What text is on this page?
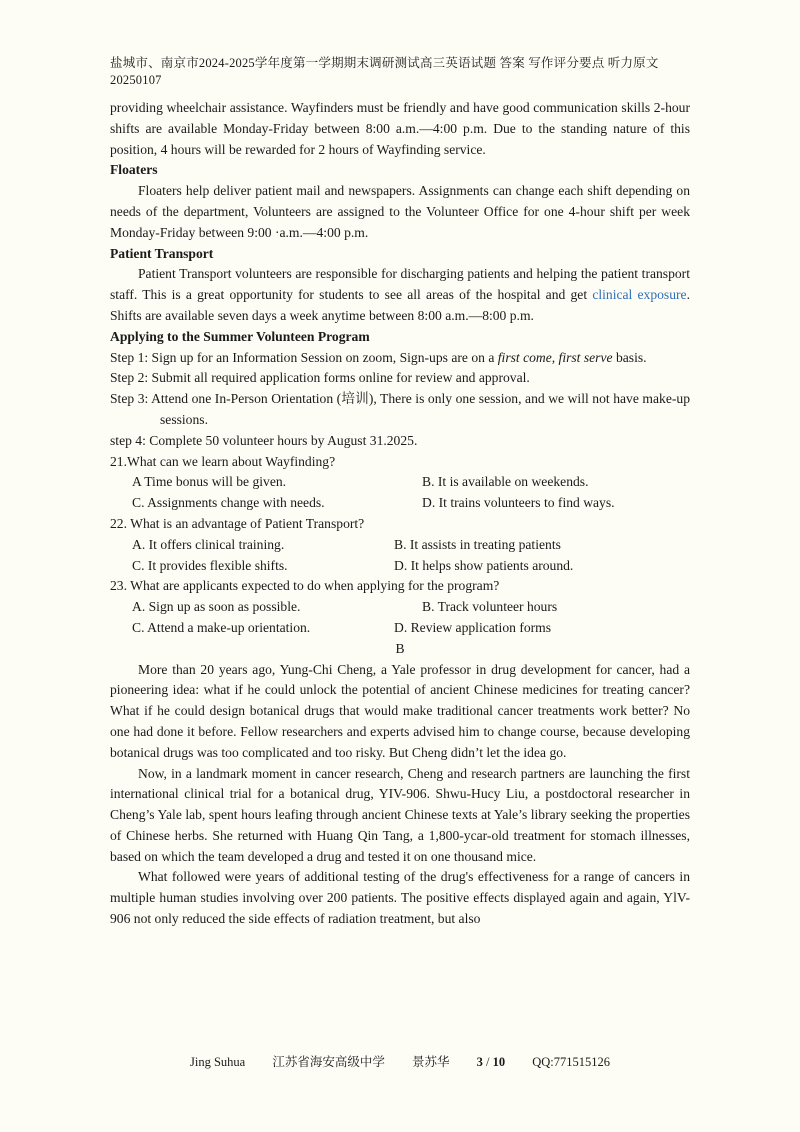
盐城市、南京市2024-2025学年度第一学期期末调研测试高三英语试题 答案 写作评分要点 听力原文
20250107

providing wheelchair assistance. Wayfinders must be friendly and have good communication skills 2-hour shifts are available Monday-Friday between 8:00 a.m.—4:00 p.m. Due to the standing nature of this position, 4 hours will be rewarded for 2 hours of Wayfinding service.

Floaters

Floaters help deliver patient mail and newspapers. Assignments can change each shift depending on needs of the department, Volunteers are assigned to the Volunteer Office for one 4-hour shift per week Monday-Friday between 9:00 ·a.m.—4:00 p.m.

Patient Transport

Patient Transport volunteers are responsible for discharging patients and helping the patient transport staff. This is a great opportunity for students to see all areas of the hospital and get clinical exposure. Shifts are available seven days a week anytime between 8:00 a.m.—8:00 p.m.

Applying to the Summer Volunteen Program

Step 1: Sign up for an Information Session on zoom, Sign-ups are on a first come, first serve basis.

Step 2: Submit all required application forms online for review and approval.

Step 3: Attend one In-Person Orientation (培训), There is only one session, and we will not have make-up sessions.

step 4: Complete 50 volunteer hours by August 31.2025.

21.What can we learn about Wayfinding?

A Time bonus will be given.	B. It is available on weekends.
C. Assignments change with needs.	D. It trains volunteers to find ways.

22. What is an advantage of Patient Transport?

A. It offers clinical training.	B. It assists in treating patients
C. It provides flexible shifts.	D. It helps show patients around.

23. What are applicants expected to do when applying for the program?

A. Sign up as soon as possible.	B. Track volunteer hours
C. Attend a make-up orientation.	D. Review application forms

B

More than 20 years ago, Yung-Chi Cheng, a Yale professor in drug development for cancer, had a pioneering idea: what if he could unlock the potential of ancient Chinese medicines for treating cancer? What if he could design botanical drugs that would make traditional cancer treatments work better? No one had done it before. Fellow researchers and experts advised him to change course, because developing botanical drugs was too complicated and too risky. But Cheng didn’t let the idea go.

Now, in a landmark moment in cancer research, Cheng and research partners are launching the first international clinical trial for a botanical drug, YIV-906. Shwu-Hucy Liu, a postdoctoral researcher in Cheng’s Yale lab, spent hours leafing through ancient Chinese texts at Yale’s library seeking the properties of Chinese herbs. She returned with Huang Qin Tang, a 1,800-ycar-old treatment for stomach illnesses, based on which the team developed a drug and tested it on one thousand mice.

What followed were years of additional testing of the drug's effectiveness for a range of cancers in multiple human studies involving over 200 patients. The positive effects displayed again and again, YlV-906 not only reduced the side effects of radiation treatment, but also

Jing Suhua 江苏省海安高级中学 景苏华 3 / 10 QQ:771515126
